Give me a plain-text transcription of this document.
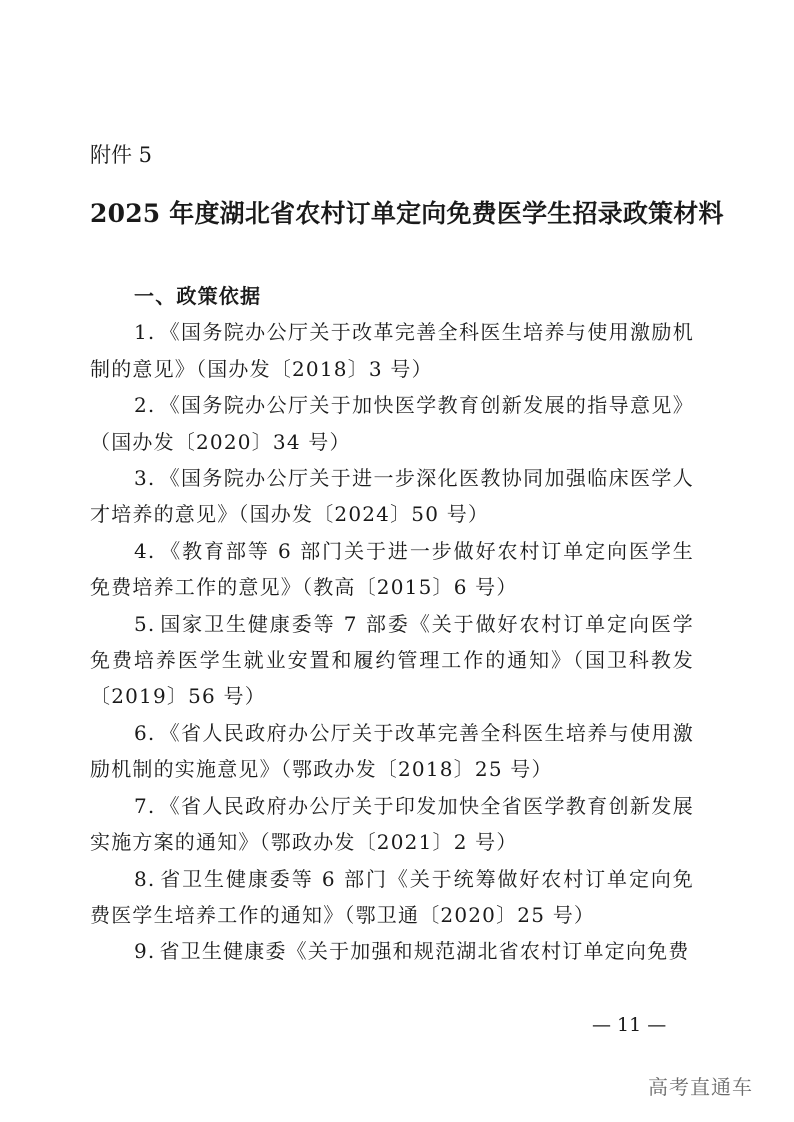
附件 5
2025 年度湖北省农村订单定向免费医学生招录政策材料
一、政策依据
1. 《国务院办公厅关于改革完善全科医生培养与使用激励机制的意见》（国办发〔2018〕3 号）
2. 《国务院办公厅关于加快医学教育创新发展的指导意见》（国办发〔2020〕34 号）
3. 《国务院办公厅关于进一步深化医教协同加强临床医学人才培养的意见》（国办发〔2024〕50 号）
4. 《教育部等 6 部门关于进一步做好农村订单定向医学生免费培养工作的意见》（教高〔2015〕6 号）
5. 国家卫生健康委等 7 部委《关于做好农村订单定向医学免费培养医学生就业安置和履约管理工作的通知》（国卫科教发〔2019〕56 号）
6. 《省人民政府办公厅关于改革完善全科医生培养与使用激励机制的实施意见》（鄂政办发〔2018〕25 号）
7. 《省人民政府办公厅关于印发加快全省医学教育创新发展实施方案的通知》（鄂政办发〔2021〕2 号）
8. 省卫生健康委等 6 部门《关于统筹做好农村订单定向免费医学生培养工作的通知》（鄂卫通〔2020〕25 号）
9. 省卫生健康委《关于加强和规范湖北省农村订单定向免费
— 11 —
高考直通车
